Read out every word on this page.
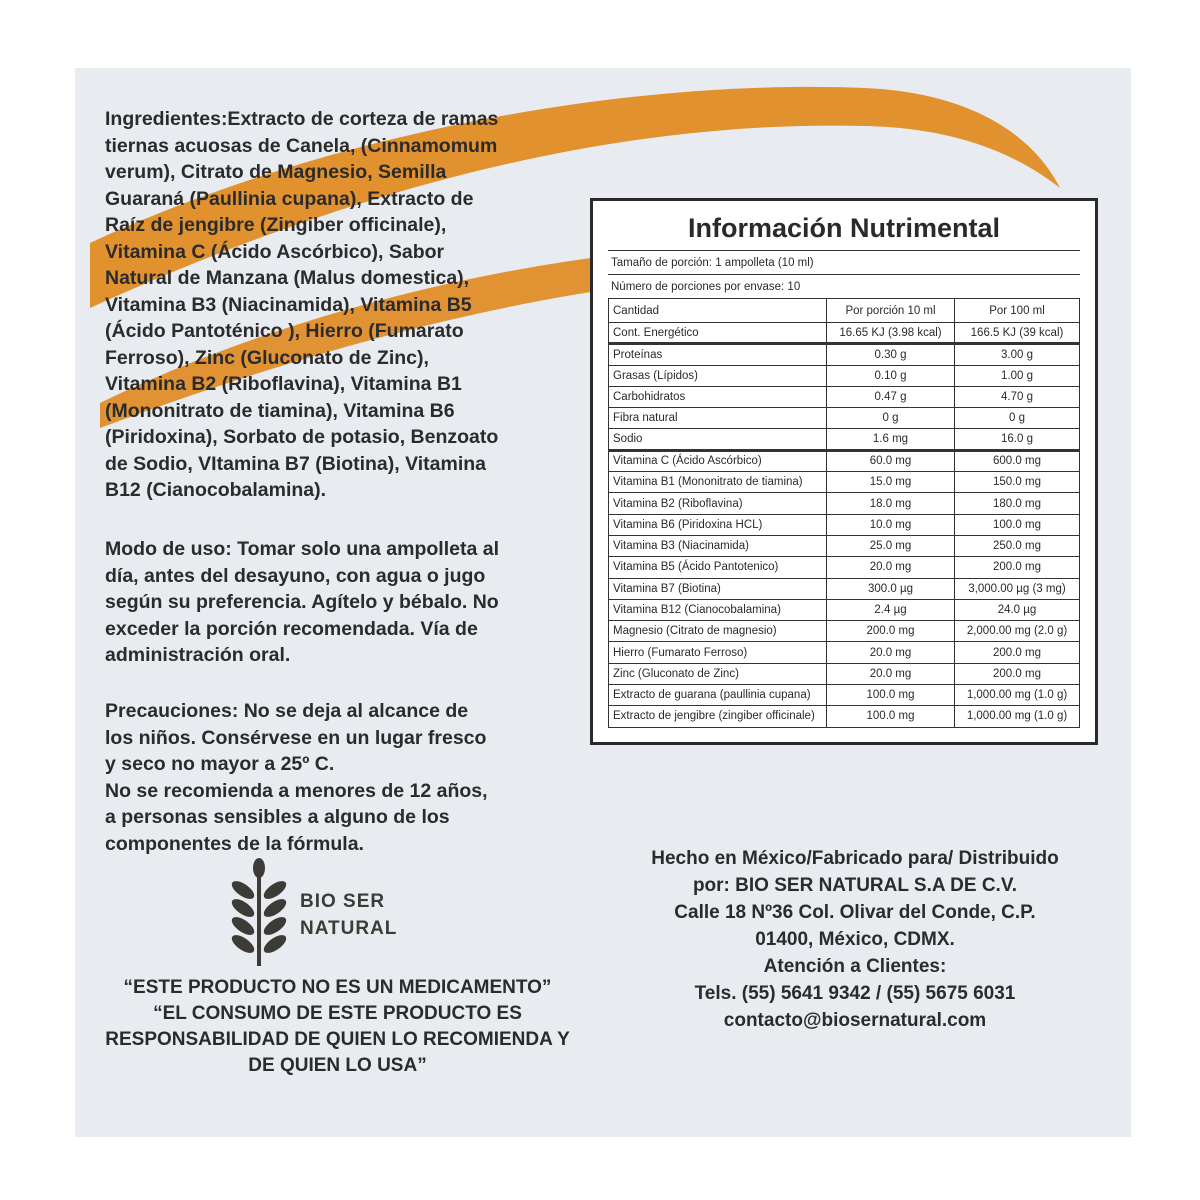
Ingredientes:Extracto de corteza de ramas
tiernas acuosas de Canela, (Cinnamomum
verum), Citrato de Magnesio, Semilla
Guaraná (Paullinia cupana), Extracto de
Raíz de jengibre (Zingiber officinale),
Vitamina C (Ácido Ascórbico), Sabor
Natural de Manzana (Malus domestica),
Vitamina B3 (Niacinamida), Vitamina B5
(Ácido Pantoténico ), Hierro (Fumarato
Ferroso), Zinc (Gluconato de Zinc),
Vitamina B2 (Riboflavina), Vitamina B1
(Mononitrato de tiamina), Vitamina B6
(Piridoxina), Sorbato de potasio, Benzoato
de Sodio, VItamina B7 (Biotina), Vitamina
B12 (Cianocobalamina).

Modo de uso: Tomar solo una ampolleta al
día, antes del desayuno, con agua o jugo
según su preferencia. Agítelo y bébalo. No
exceder la porción recomendada. Vía de
administración oral.

Precauciones: No se deja al alcance de
los niños. Consérvese en un lugar fresco
y seco no mayor a 25º C.
No se recomienda a menores de 12 años,
a personas sensibles a alguno de los
componentes de la fórmula.

BIO SER
NATURAL
“ESTE PRODUCTO NO ES UN MEDICAMENTO”
“EL CONSUMO DE ESTE PRODUCTO ES
RESPONSABILIDAD DE QUIEN LO RECOMIENDA Y
DE QUIEN LO USA”
Información Nutrimental
Tamaño de porción: 1 ampolleta (10 ml)
Número de porciones por envase: 10
Cantidad	Por porción 10 ml	Por 100 ml
Cont. Energético	16.65 KJ (3.98 kcal)	166.5 KJ (39 kcal)
Proteínas	0.30 g	3.00 g
Grasas (Lípidos)	0.10 g	1.00 g
Carbohidratos	0.47 g	4.70 g
Fibra natural	0 g	0 g
Sodio	1.6 mg	16.0 g
Vitamina C (Ácido Ascórbico)	60.0 mg	600.0 mg
Vitamina B1 (Mononitrato de tiamina)	15.0 mg	150.0 mg
Vitamina B2 (Riboflavina)	18.0 mg	180.0 mg
Vitamina B6 (Piridoxina HCL)	10.0 mg	100.0 mg
Vitamina B3 (Niacinamida)	25.0 mg	250.0 mg
Vitamina B5 (Ácido Pantotenico)	20.0 mg	200.0 mg
Vitamina B7 (Biotina)	300.0 µg	3,000.00 µg (3 mg)
Vitamina B12 (Cianocobalamina)	2.4 µg	24.0 µg
Magnesio (Citrato de magnesio)	200.0 mg	2,000.00 mg (2.0 g)
Hierro (Fumarato Ferroso)	20.0 mg	200.0 mg
Zinc (Gluconato de Zinc)	20.0 mg	200.0 mg
Extracto de guarana (paullinia cupana)	100.0 mg	1,000.00 mg (1.0 g)
Extracto de jengibre (zingiber officinale)	100.0 mg	1,000.00 mg (1.0 g)
Hecho en México/Fabricado para/ Distribuido
por: BIO SER NATURAL S.A DE C.V.
Calle 18 Nº36 Col. Olivar del Conde, C.P.
01400, México, CDMX.
Atención a Clientes:
Tels. (55) 5641 9342 / (55) 5675 6031
contacto@biosernatural.com
